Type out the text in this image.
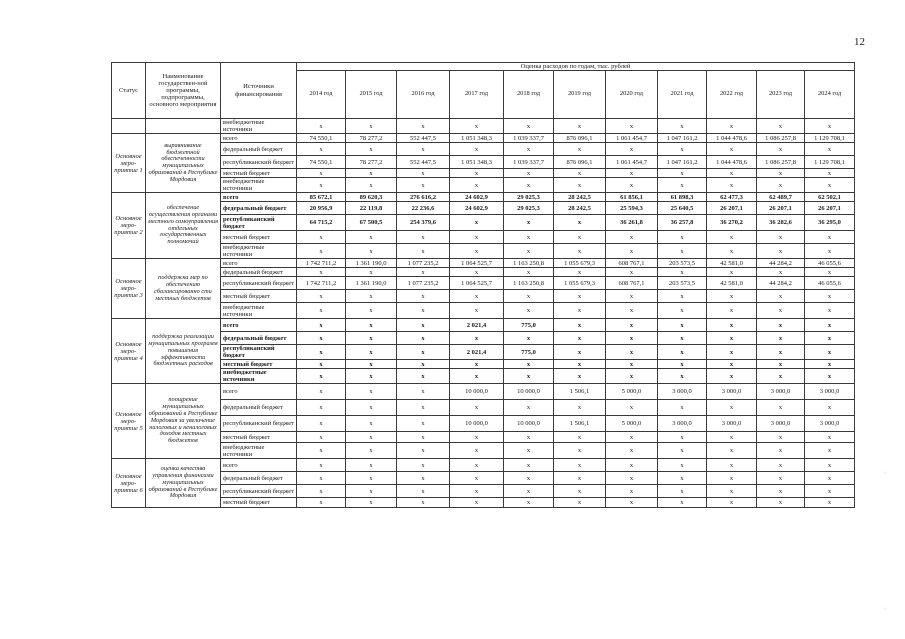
12
Статус	Наименование государствен-ной программы, подпрограммы, основного мероприятия	Источники финансирования	Оценка расходов по годам, тыс. рублей										
			2014 год	2015 год	2016 год	2017 год	2018 год	2019 год	2020 год	2021 год	2022 год	2023 год	2024 год
		внебюджетные источники	х	х	х	х	х	х	х	х	х	х	х
Основное меро-приятие 1	выравнивание бюджетной обеспеченности муниципальных образований в Республике Мордовия	всего	74 550,1	78 277,2	552 447,5	1 051 348,3	1 039 337,7	876 096,1	1 061 454,7	1 047 161,2	1 044 478,6	1 086 257,8	1 129 708,1
		федеральный бюджет	х	х	х	х	х	х	х	х	х	х	х
		республиканский бюджет	74 550,1	78 277,2	552 447,5	1 051 348,3	1 039 337,7	876 096,1	1 061 454,7	1 047 161,2	1 044 478,6	1 086 257,8	1 129 708,1
		местный бюджет	х	х	х	х	х	х	х	х	х	х	х
		внебюджетные источники	х	х	х	х	х	х	х	х	х	х	х
Основное меро-приятие 2	обеспечение осуществления органами местного самоуправления отдельных государственных полномочий	всего	85 672,1	89 620,3	276 616,2	24 602,9	29 025,3	28 242,5	61 856,1	61 898,3	62 477,3	62 489,7	62 502,1
		федеральный бюджет	20 956,9	22 119,8	22 236,6	24 602,9	29 025,3	28 242,5	25 594,3	25 640,5	26 207,1	26 207,1	26 207,1
		республиканский бюджет	64 715,2	67 500,5	254 379,6	х	х	х	36 261,8	36 257,8	36 270,2	36 282,6	36 295,0
		местный бюджет	х	х	х	х	х	х	х	х	х	х	х
		внебюджетные источники	х	х	х	х	х	х	х	х	х	х	х
Основное меро-приятие 3	поддержка мер по обеспечению сбалансированно сти местных бюджетов	всего	1 742 711,2	1 361 190,0	1 077 235,2	1 064 525,7	1 163 250,8	1 055 679,3	608 767,1	203 573,5	42 581,0	44 284,2	46 055,6
		федеральный бюджет	х	х	х	х	х	х	х	х	х	х	х
		республиканский бюджет	1 742 711,2	1 361 190,0	1 077 235,2	1 064 525,7	1 163 250,8	1 055 679,3	608 767,1	203 573,5	42 581,0	44 284,2	46 055,6
		местный бюджет	х	х	х	х	х	х	х	х	х	х	х
		внебюджетные источники	х	х	х	х	х	х	х	х	х	х	х
Основное меро-приятие 4	поддержка реализации муниципальных программ повышения эффективности бюджетных расходов	всего	х	х	х	2 021,4	775,0	х	х	х	х	х	х
		федеральный бюджет	х	х	х	х	х	х	х	х	х	х	х
		республиканский бюджет	х	х	х	2 021,4	775,0	х	х	х	х	х	х
		местный бюджет	х	х	х	х	х	х	х	х	х	х	х
		внебюджетные источники	х	х	х	х	х	х	х	х	х	х	х
Основное меро-приятие 5	поощрение муниципальных образований в Республике Мордовия за увеличение налоговых и неналоговых доходов местных бюджетов	всего	х	х	х	10 000,0	10 000,0	1 506,1	5 000,0	3 000,0	3 000,0	3 000,0	3 000,0
		федеральный бюджет	х	х	х	х	х	х	х	х	х	х	х
		республиканский бюджет	х	х	х	10 000,0	10 000,0	1 506,1	5 000,0	3 000,0	3 000,0	3 000,0	3 000,0
		местный бюджет	х	х	х	х	х	х	х	х	х	х	х
		внебюджетные источники	х	х	х	х	х	х	х	х	х	х	х
Основное меро-приятие 6	оценка качества управления финансами муниципальных образований в Республике Мордовия	всего	х	х	х	х	х	х	х	х	х	х	х
		федеральный бюджет	х	х	х	х	х	х	х	х	х	х	х
		республиканский бюджет	х	х	х	х	х	х	х	х	х	х	х
		местный бюджет	х	х	х	х	х	х	х	х	х	х	х
·
·
